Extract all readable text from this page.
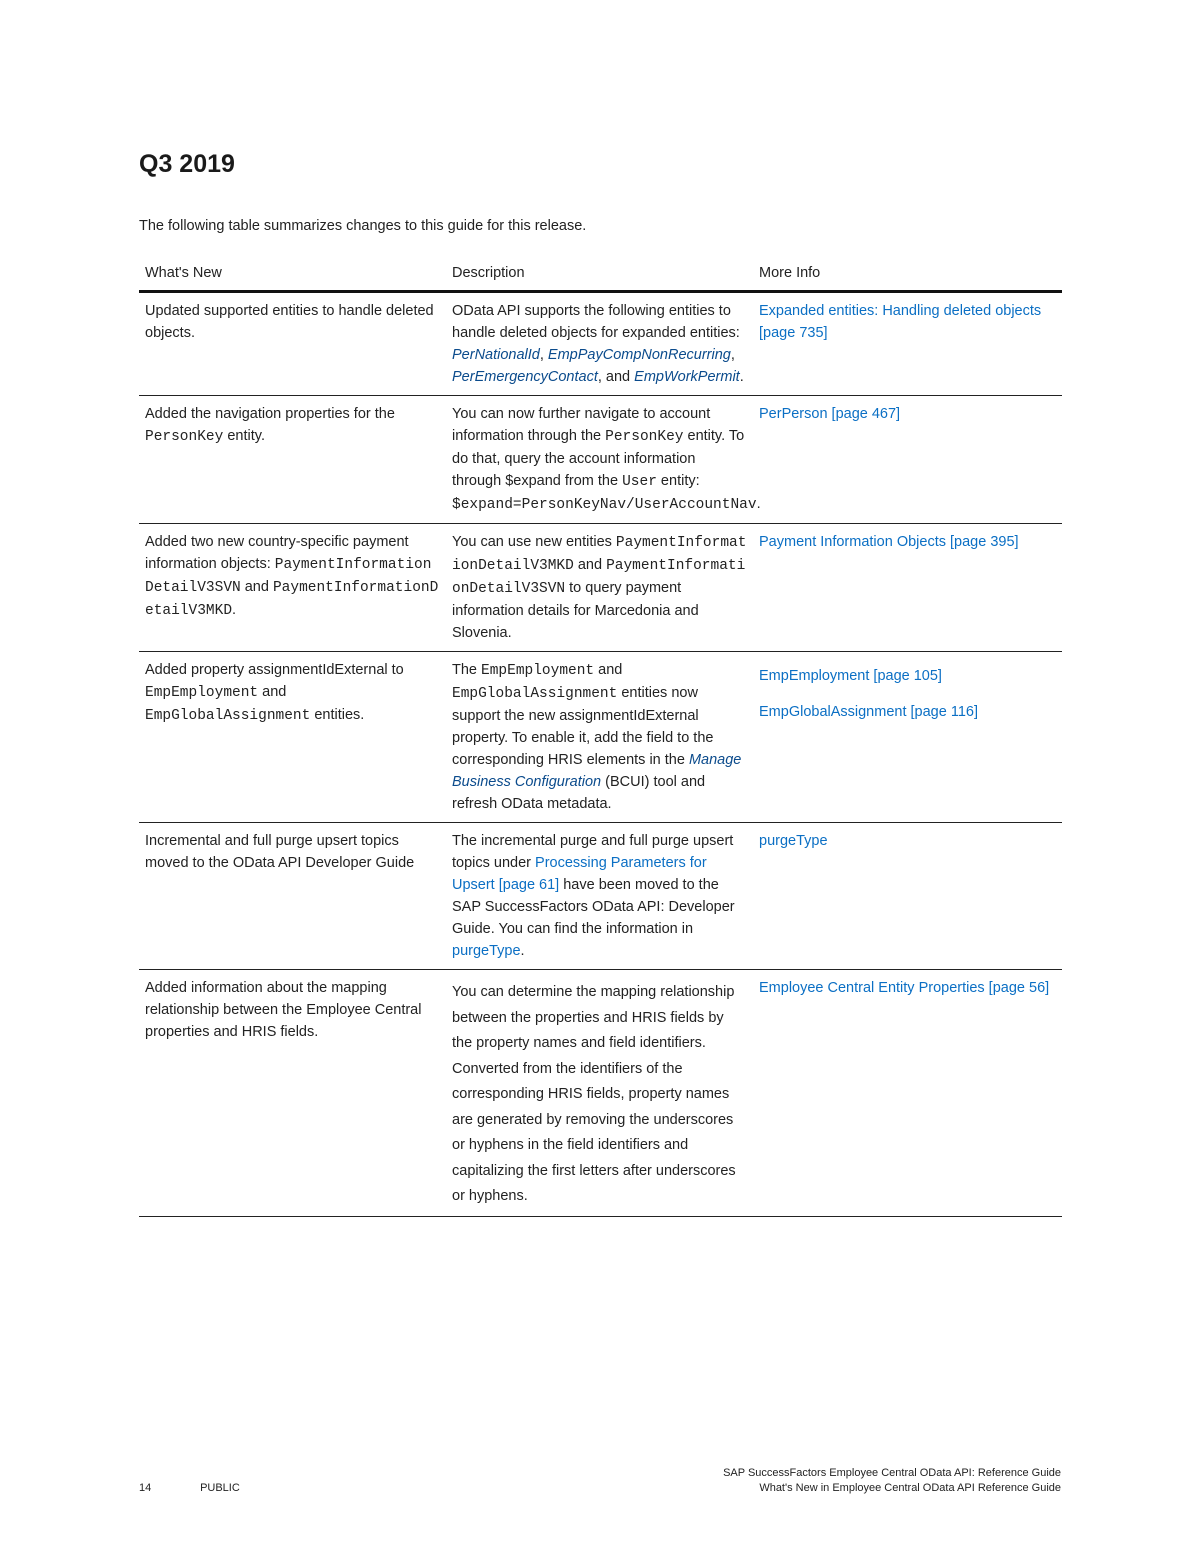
Q3 2019

The following table summarizes changes to this guide for this release.

What's New	Description	More Info
Updated supported entities to handle deleted objects.	OData API supports the following entities to handle deleted objects for expanded entities: PerNationalId, EmpPayCompNonRecurring, PerEmergencyContact, and EmpWorkPermit.	Expanded entities: Handling deleted objects [page 735]
Added the navigation properties for the PersonKey entity.	You can now further navigate to account information through the PersonKey entity. To do that, query the account information through $expand from the User entity: $expand=PersonKeyNav/UserAccountNav.	PerPerson [page 467]
Added two new country-specific payment information objects: PaymentInformationDetailV3SVN and PaymentInformationDetailV3MKD.	You can use new entities PaymentInformationDetailV3MKD and PaymentInformationDetailV3SVN to query payment information details for Marcedonia and Slovenia.	Payment Information Objects [page 395]
Added property assignmentIdExternal to EmpEmployment and EmpGlobalAssignment entities.	The EmpEmployment and EmpGlobalAssignment entities now support the new assignmentIdExternal property. To enable it, add the field to the corresponding HRIS elements in the Manage Business Configuration (BCUI) tool and refresh OData metadata.	EmpEmployment [page 105]
EmpGlobalAssignment [page 116]

Incremental and full purge upsert topics moved to the OData API Developer Guide	The incremental purge and full purge upsert topics under Processing Parameters for Upsert [page 61] have been moved to the SAP SuccessFactors OData API: Developer Guide. You can find the information in purgeType.	purgeType
Added information about the mapping relationship between the Employee Central properties and HRIS fields.	You can determine the mapping relationship between the properties and HRIS fields by the property names and field identifiers. Converted from the identifiers of the corresponding HRIS fields, property names are generated by removing the underscores or hyphens in the field identifiers and capitalizing the first letters after underscores or hyphens.	Employee Central Entity Properties [page 56]
14	PUBLIC
SAP SuccessFactors Employee Central OData API: Reference Guide
What's New in Employee Central OData API Reference Guide
